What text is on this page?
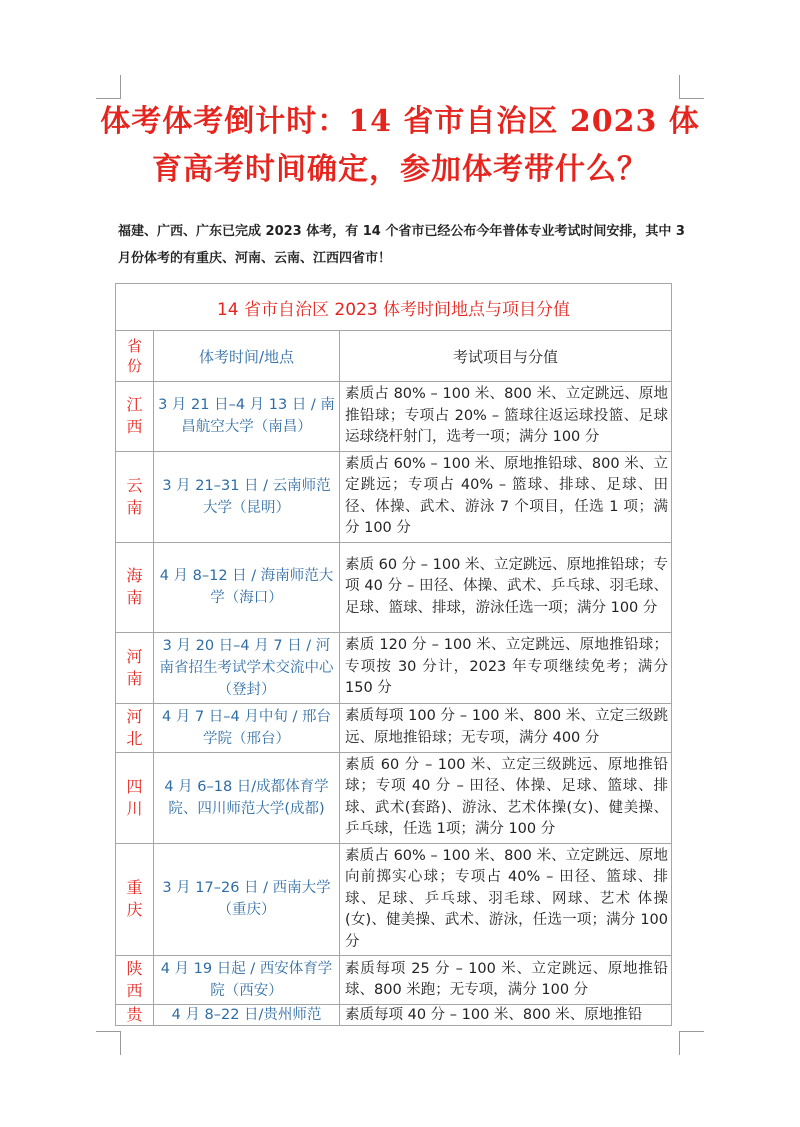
体考体考倒计时：14 省市自治区 2023 体育高考时间确定，参加体考带什么？

福建、广西、广东已完成 2023 体考，有 14 个省市已经公布今年普体专业考试时间安排，其中 3 月份体考的有重庆、河南、云南、江西四省市！

14 省市自治区 2023 体考时间地点与项目分值		
省份	体考时间/地点	考试项目与分值
江西	3 月 21 日–4 月 13 日 / 南昌航空大学（南昌）	素质占 80% – 100 米、800 米、立定跳远、原地推铅球；专项占 20% – 篮球往返运球投篮、足球运球绕杆射门，选考一项；满分 100 分
云南	3 月 21–31 日 / 云南师范大学（昆明）	素质占 60% – 100 米、原地推铅球、800 米、立定跳远；专项占 40% – 篮球、排球、足球、田径、体操、武术、游泳 7 个项目，任选 1 项；满分 100 分
海南	4 月 8–12 日 / 海南师范大学（海口）	素质 60 分 – 100 米、立定跳远、原地推铅球；专项 40 分 – 田径、体操、武术、乒乓球、羽毛球、足球、篮球、排球，游泳任选一项；满分 100 分
河南	3 月 20 日–4 月 7 日 / 河南省招生考试学术交流中心（登封）	素质 120 分 – 100 米、立定跳远、原地推铅球；专项按 30 分计，2023 年专项继续免考；满分 150 分
河北	4 月 7 日–4 月中旬 / 邢台学院（邢台）	素质每项 100 分 – 100 米、800 米、立定三级跳远、原地推铅球；无专项，满分 400 分
四川	4 月 6–18 日/成都体育学院、四川师范大学(成都)	素质 60 分 – 100 米、立定三级跳远、原地推铅球；专项 40 分 – 田径、体操、足球、篮球、排球、武术(套路)、游泳、艺术体操(女)、健美操、乒乓球，任选 1项；满分 100 分
重庆	3 月 17–26 日 / 西南大学（重庆）	素质占 60% – 100 米、800 米、立定跳远、原地向前掷实心球；专项占 40% – 田径、篮球、排球、足球、乒乓球、羽毛球、网球、艺术 体操(女)、健美操、武术、游泳，任选一项；满分 100 分
陕西	4 月 19 日起 / 西安体育学院（西安）	素质每项 25 分 – 100 米、立定跳远、原地推铅球、800 米跑；无专项，满分 100 分
贵	4 月 8–22 日/贵州师范	素质每项 40 分 – 100 米、800 米、原地推铅
